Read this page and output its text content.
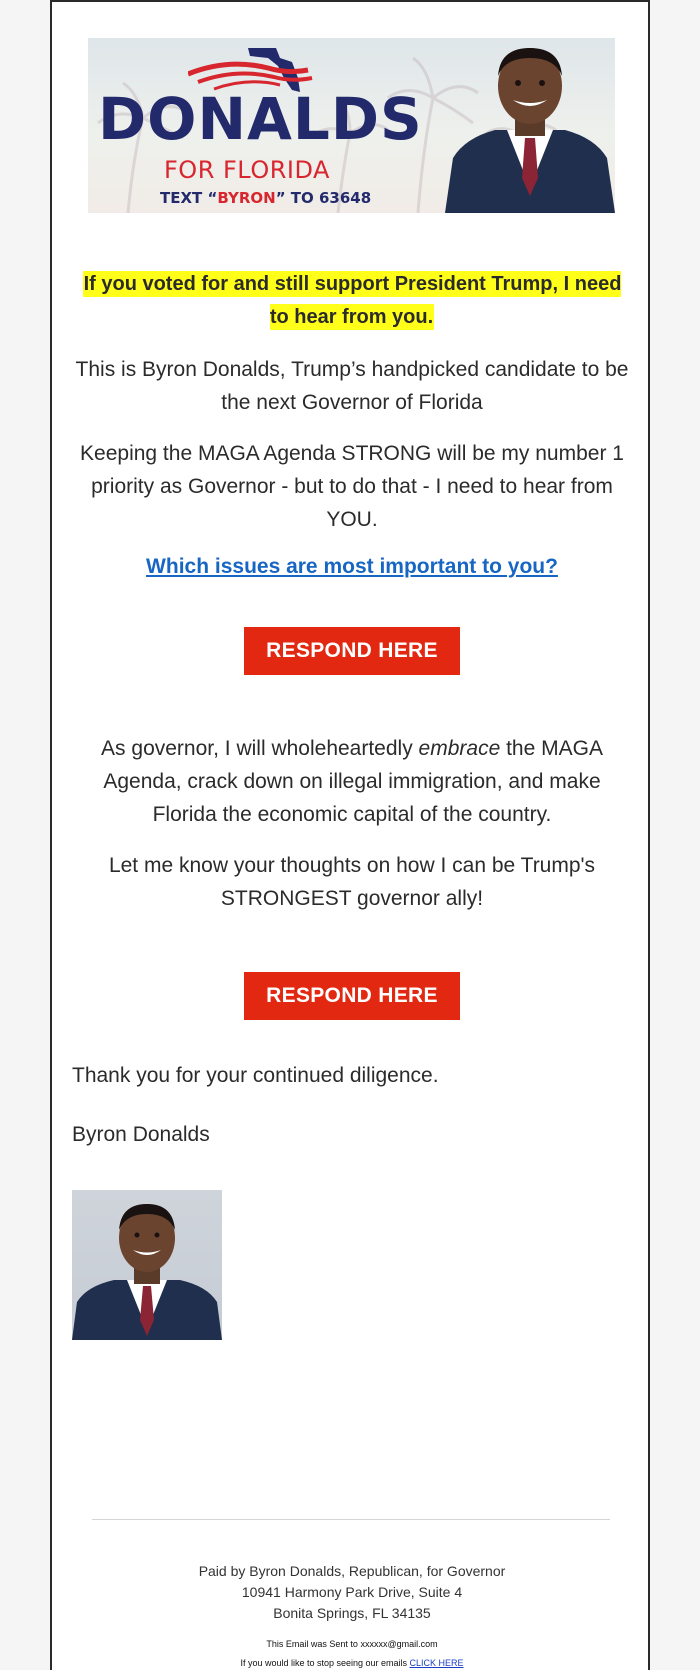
DONALDS
FOR FLORIDA
TEXT “BYRON” TO 63648
If you voted for and still support President Trump, I need to hear from you.
This is Byron Donalds, Trump’s handpicked candidate to be the next Governor of Florida
Keeping the MAGA Agenda STRONG will be my number 1 priority as Governor - but to do that - I need to hear from YOU.
Which issues are most important to you?
RESPOND HERE
As governor, I will wholeheartedly embrace the MAGA Agenda, crack down on illegal immigration, and make Florida the economic capital of the country.
Let me know your thoughts on how I can be Trump's STRONGEST governor ally!
RESPOND HERE
Thank you for your continued diligence.
Byron Donalds
Paid by Byron Donalds, Republican, for Governor
10941 Harmony Park Drive, Suite 4
Bonita Springs, FL 34135
This Email was Sent to xxxxxx@gmail.com
If you would like to stop seeing our emails CLICK HERE
